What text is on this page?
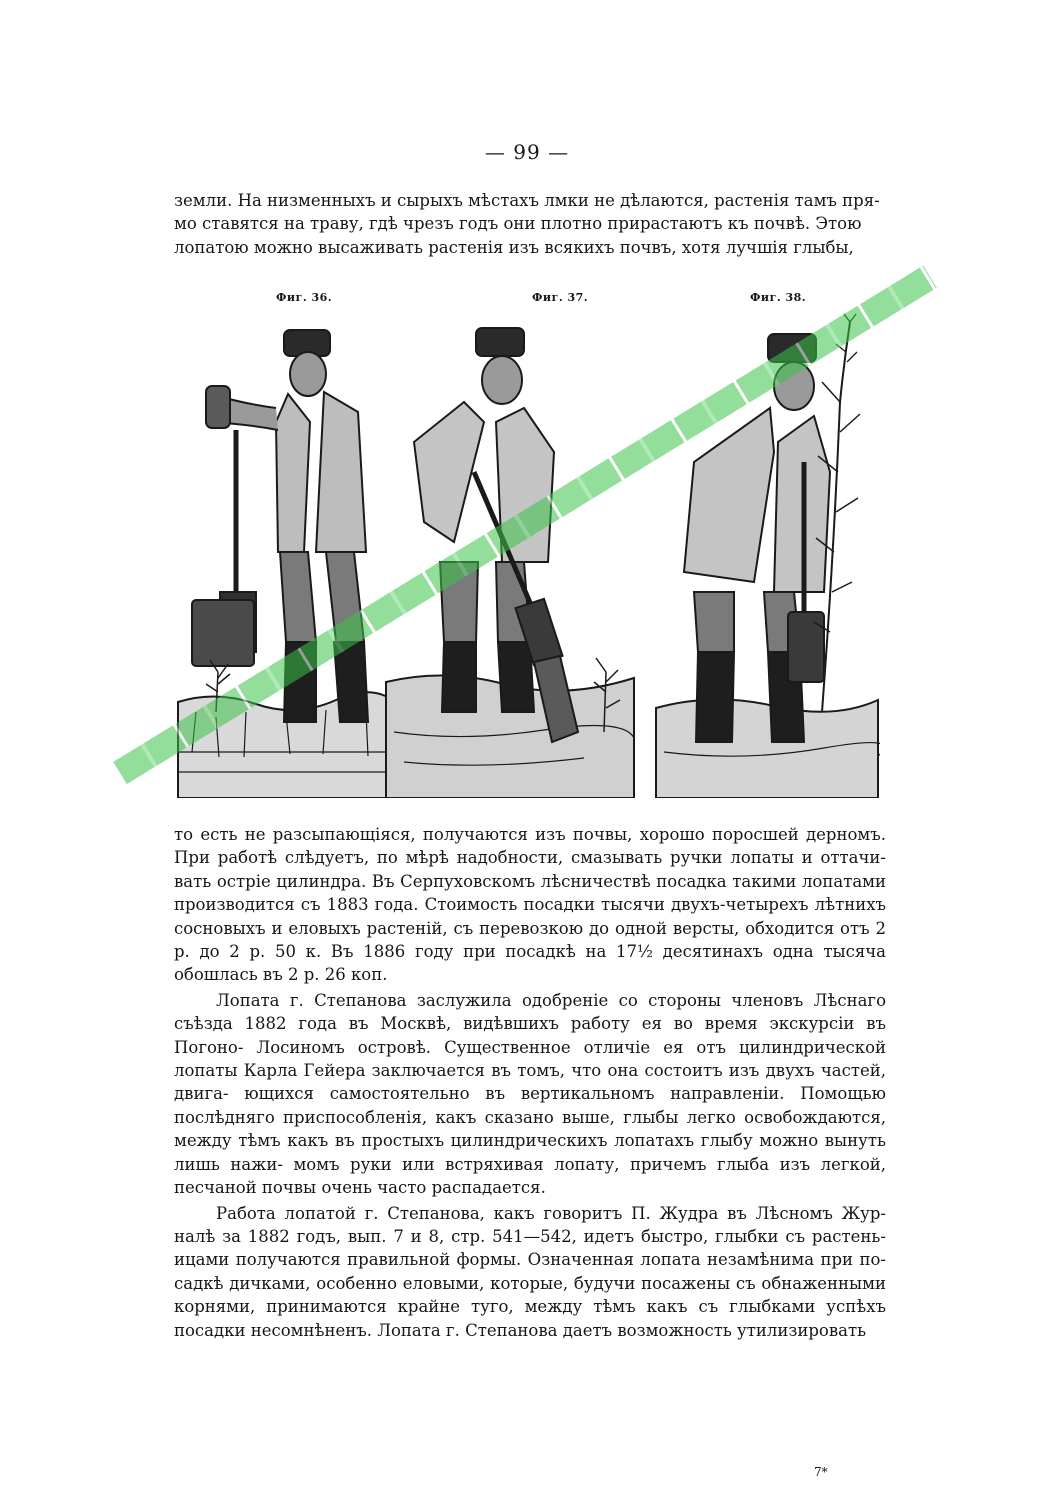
— 99 —

земли. На низменныхъ и сырыхъ мѣстахъ лмки не дѣлаются, растенія тамъ пря-

мо ставятся на траву, гдѣ чрезъ годъ они плотно прирастаютъ къ почвѣ. Этою

лопатою можно высаживать растенія изъ всякихъ почвъ, хотя лучшія глыбы,

Фиг. 36.	Фиг. 37.	Фиг. 38.

то есть не разсыпающіяся, получаются изъ почвы, хорошо поросшей дерномъ. При работѣ слѣдуетъ, по мѣрѣ надобности, смазывать ручки лопаты и оттачи- вать остріе цилиндра. Въ Серпуховскомъ лѣсничествѣ посадка такими лопатами производится съ 1883 года. Стоимость посадки тысячи двухъ-четырехъ лѣтнихъ сосновыхъ и еловыхъ растеній, съ перевозкою до одной версты, обходится отъ 2 р. до 2 р. 50 к. Въ 1886 году при посадкѣ на 17½ десятинахъ одна тысяча обошлась въ 2 р. 26 коп.

Лопата г. Степанова заслужила одобреніе со стороны членовъ Лѣснаго съѣзда 1882 года въ Москвѣ, видѣвшихъ работу ея во время экскурсіи въ Погоно- Лосиномъ островѣ. Существенное отличіе ея отъ цилиндрической лопаты Карла Гейера заключается въ томъ, что она состоитъ изъ двухъ частей, двига- ющихся самостоятельно въ вертикальномъ направленіи. Помощью послѣдняго приспособленія, какъ сказано выше, глыбы легко освобождаются, между тѣмъ какъ въ простыхъ цилиндрическихъ лопатахъ глыбу можно вынуть лишь нажи- момъ руки или встряхивая лопату, причемъ глыба изъ легкой, песчаной почвы очень часто распадается.

Работа лопатой г. Степанова, какъ говоритъ П. Жудра въ Лѣсномъ Жур- налѣ за 1882 годъ, вып. 7 и 8, стр. 541—542, идетъ быстро, глыбки съ растень- ицами получаются правильной формы. Означенная лопата незамѣнима при по- садкѣ дичками, особенно еловыми, которые, будучи посажены съ обнаженными корнями, принимаются крайне туго, между тѣмъ какъ съ глыбками успѣхъ посадки несомнѣненъ. Лопата г. Степанова даетъ возможность утилизировать

7*
